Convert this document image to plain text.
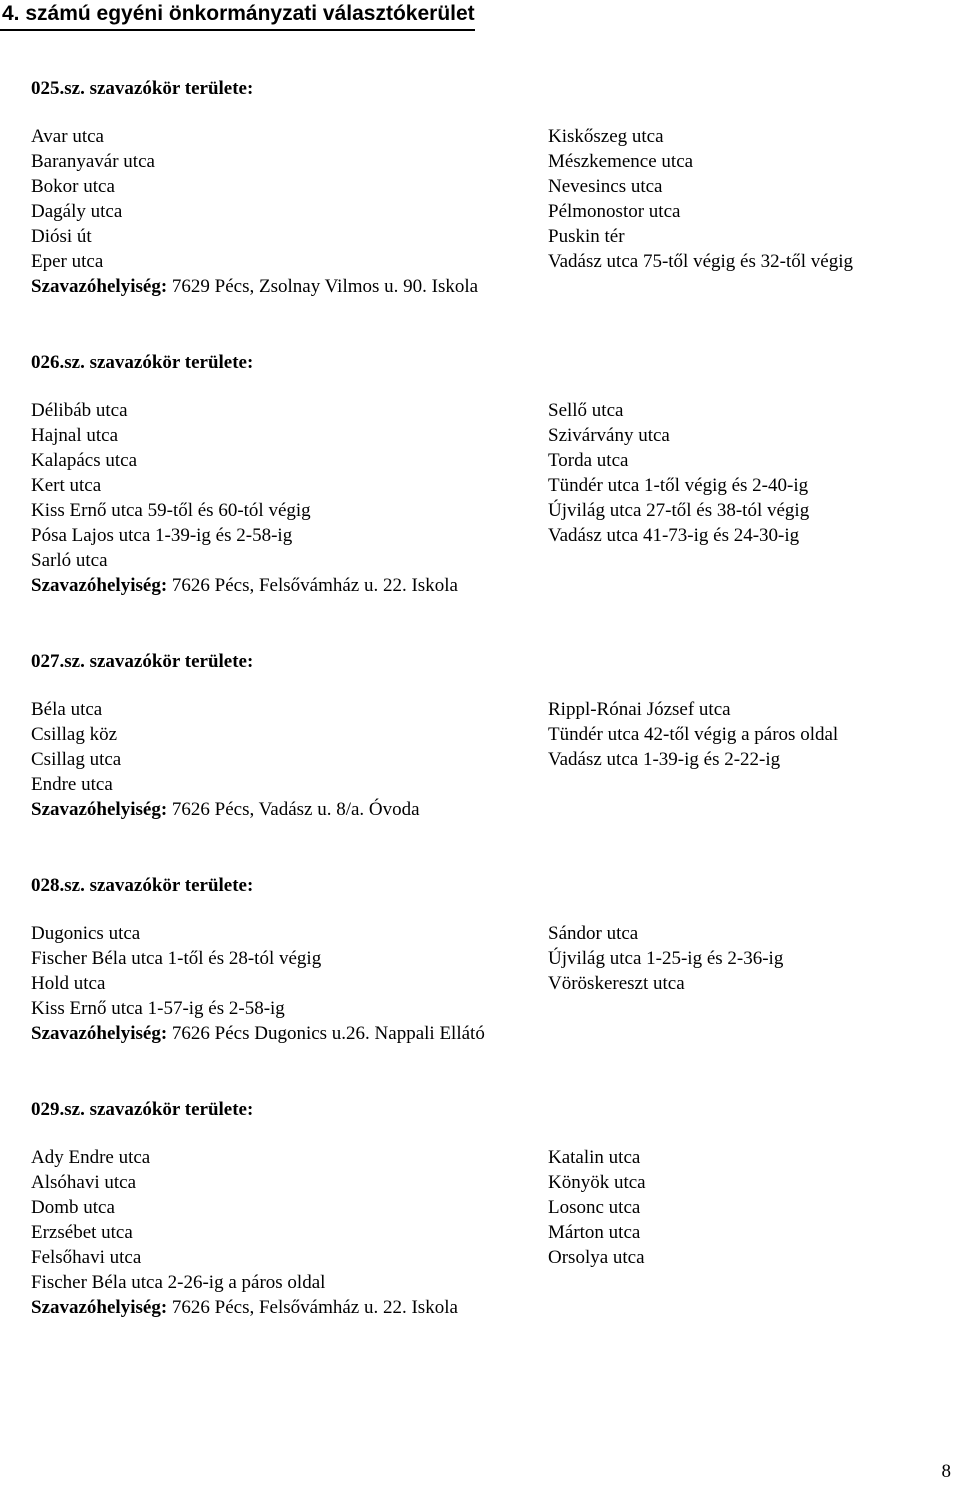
4. számú egyéni önkormányzati választókerület
025.sz. szavazókör területe:
Avar utca
Baranyavár utca
Bokor utca
Dagály utca
Diósi út
Eper utca
Kiskőszeg utca
Mészkemence utca
Nevesincs utca
Pélmonostor utca
Puskin tér
Vadász utca 75-től végig és 32-től végig
Szavazóhelyiség: 7629 Pécs, Zsolnay Vilmos u. 90. Iskola
026.sz. szavazókör területe:
Délibáb utca
Hajnal utca
Kalapács utca
Kert utca
Kiss Ernő utca 59-től és 60-tól végig
Pósa Lajos utca 1-39-ig és 2-58-ig
Sarló utca
Sellő utca
Szivárvány utca
Torda utca
Tündér utca 1-től végig és 2-40-ig
Újvilág utca 27-től és 38-tól végig
Vadász utca 41-73-ig és 24-30-ig
Szavazóhelyiség: 7626 Pécs, Felsővámház u. 22. Iskola
027.sz. szavazókör területe:
Béla utca
Csillag köz
Csillag utca
Endre utca
Rippl-Rónai József utca
Tündér utca 42-től végig a páros oldal
Vadász utca 1-39-ig és 2-22-ig
Szavazóhelyiség: 7626 Pécs, Vadász u. 8/a. Óvoda
028.sz. szavazókör területe:
Dugonics utca
Fischer Béla utca 1-től és 28-tól végig
Hold utca
Kiss Ernő utca 1-57-ig és 2-58-ig
Sándor utca
Újvilág utca 1-25-ig és 2-36-ig
Vöröskereszt utca
Szavazóhelyiség: 7626 Pécs Dugonics u.26. Nappali Ellátó
029.sz. szavazókör területe:
Ady Endre utca
Alsóhavi utca
Domb utca
Erzsébet utca
Felsőhavi utca
Fischer Béla utca 2-26-ig a páros oldal
Katalin utca
Könyök utca
Losonc utca
Márton utca
Orsolya utca
Szavazóhelyiség: 7626 Pécs, Felsővámház u. 22. Iskola
8
